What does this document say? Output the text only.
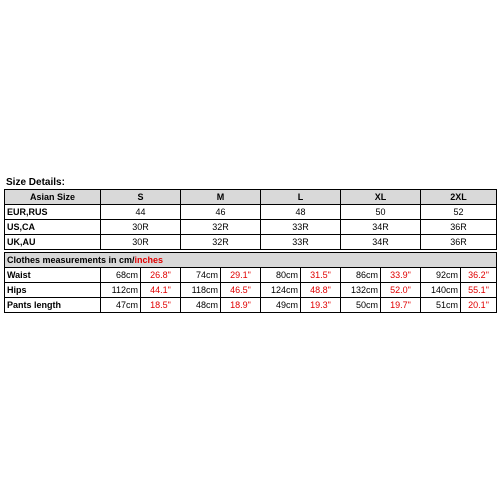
Size Details:
Asian Size	S		M		L		XL		2XL	
EUR,RUS	44		46		48		50		52	
US,CA	30R		32R		33R		34R		36R	
UK,AU	30R		32R		33R		34R		36R	

Clothes measurements in cm/inches										
Waist	68cm	26.8"	74cm	29.1"	80cm	31.5"	86cm	33.9"	92cm	36.2"
Hips	112cm	44.1"	118cm	46.5"	124cm	48.8"	132cm	52.0"	140cm	55.1"
Pants length	47cm	18.5"	48cm	18.9"	49cm	19.3"	50cm	19.7"	51cm	20.1"
